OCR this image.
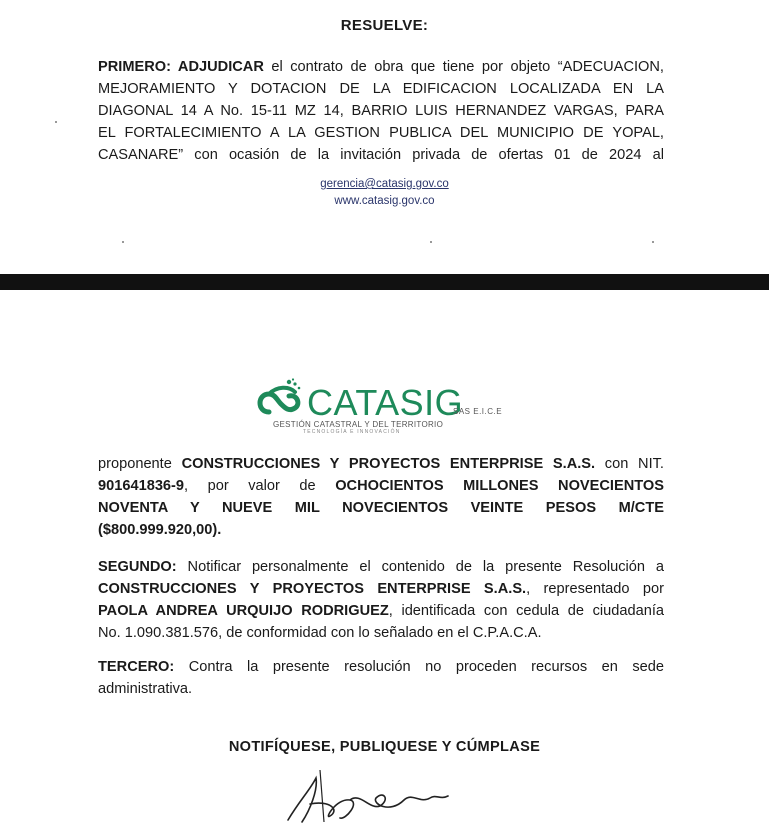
RESUELVE:
PRIMERO: ADJUDICAR el contrato de obra que tiene por objeto “ADECUACION,
MEJORAMIENTO Y DOTACION DE LA EDIFICACION LOCALIZADA EN LA
DIAGONAL 14 A No. 15-11 MZ 14, BARRIO LUIS HERNANDEZ VARGAS, PARA
EL FORTALECIMIENTO A LA GESTION PUBLICA DEL MUNICIPIO DE YOPAL,
CASANARE” con ocasión de la invitación privada de ofertas 01 de 2024 al
gerencia@catasig.gov.co
www.catasig.gov.co
CATASIG
SAS E.I.C.E
GESTIÓN CATASTRAL Y DEL TERRITORIO
TECNOLOGÍA E INNOVACIÓN
proponente CONSTRUCCIONES Y PROYECTOS ENTERPRISE S.A.S. con NIT.
901641836-9, por valor de OCHOCIENTOS MILLONES NOVECIENTOS
NOVENTA Y NUEVE MIL NOVECIENTOS VEINTE PESOS M/CTE
($800.999.920,00).
SEGUNDO: Notificar personalmente el contenido de la presente Resolución a
CONSTRUCCIONES Y PROYECTOS ENTERPRISE S.A.S., representado por
PAOLA ANDREA URQUIJO RODRIGUEZ, identificada con cedula de ciudadanía
No. 1.090.381.576, de conformidad con lo señalado en el C.P.A.C.A.
TERCERO: Contra la presente resolución no proceden recursos en sede
administrativa.
NOTIFÍQUESE, PUBLIQUESE Y CÚMPLASE
